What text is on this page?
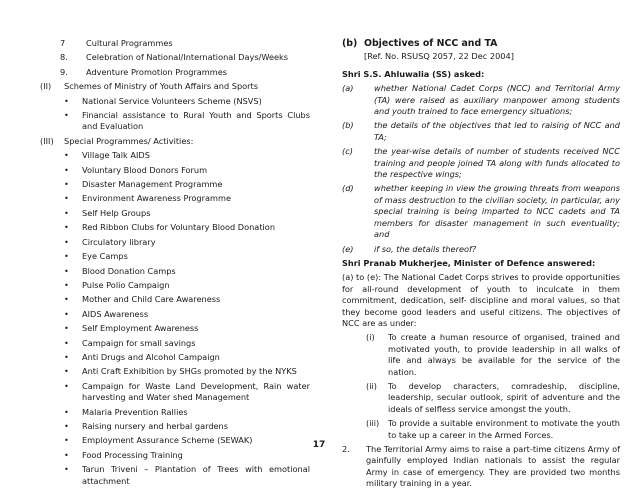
7	Cultural Programmes
8.	Celebration of National/International Days/Weeks
9.	Adventure Promotion Programmes
(II)	Schemes of Ministry of Youth Affairs and Sports
•	National Service Volunteers Scheme (NSVS)
•	Financial assistance to Rural Youth and Sports Clubs and Evaluation
(III)	Special Programmes/ Activities:
•	Village Talk AIDS
•	Voluntary Blood Donors Forum
•	Disaster Management Programme
•	Environment Awareness Programme
•	Self Help Groups
•	Red Ribbon Clubs for Voluntary Blood Donation
•	Circulatory library
•	Eye Camps
•	Blood Donation Camps
•	Pulse Polio Campaign
•	Mother and Child Care Awareness
•	AIDS Awareness
•	Self Employment Awareness
•	Campaign for small savings
•	Anti Drugs and Alcohol Campaign
•	Anti Craft Exhibition by SHGs promoted by the NYKS
•	Campaign for Waste Land Development, Rain water harvesting and Water shed Management
•	Malaria Prevention Rallies
•	Raising nursery and herbal gardens
•	Employment Assurance Scheme (SEWAK)
•	Food Processing Training
•	Tarun Triveni – Plantation of Trees with emotional attachment
(b) Objectives of NCC and TA
[Ref. No. RSUSQ 2057, 22 Dec 2004]
Shri S.S. Ahluwalia (SS) asked:
(a)	whether National Cadet Corps (NCC) and Territorial Army (TA) were raised as auxiliary manpower among students and youth trained to face emergency situations;
(b)	the details of the objectives that led to raising of NCC and TA;
(c)	the year-wise details of number of students received NCC training and people joined TA along with funds allocated to the respective wings;
(d)	whether keeping in view the growing threats from weapons of mass destruction to the civilian society, in particular, any special training is being imparted to NCC cadets and TA members for disaster management in such eventuality; and
(e)	if so, the details thereof?
Shri Pranab Mukherjee, Minister of Defence answered:
(a) to (e): The National Cadet Corps strives to provide opportunities for all-round development of youth to inculcate in them commitment, dedication, self- discipline and moral values, so that they become good leaders and useful citizens. The objectives of NCC are as under:
(i)	To create a human resource of organised, trained and motivated youth, to provide leadership in all walks of life and always be available for the service of the nation.
(ii)	To develop characters, comradeship, discipline, leadership, secular outlook, spirit of adventure and the ideals of selfless service amongst the youth.
(iii)	To provide a suitable environment to motivate the youth to take up a career in the Armed Forces.
2.	The Territorial Army aims to raise a part-time citizens Army of gainfully employed Indian nationals to assist the regular Army in case of emergency. They are provided two months military training in a year.
17
